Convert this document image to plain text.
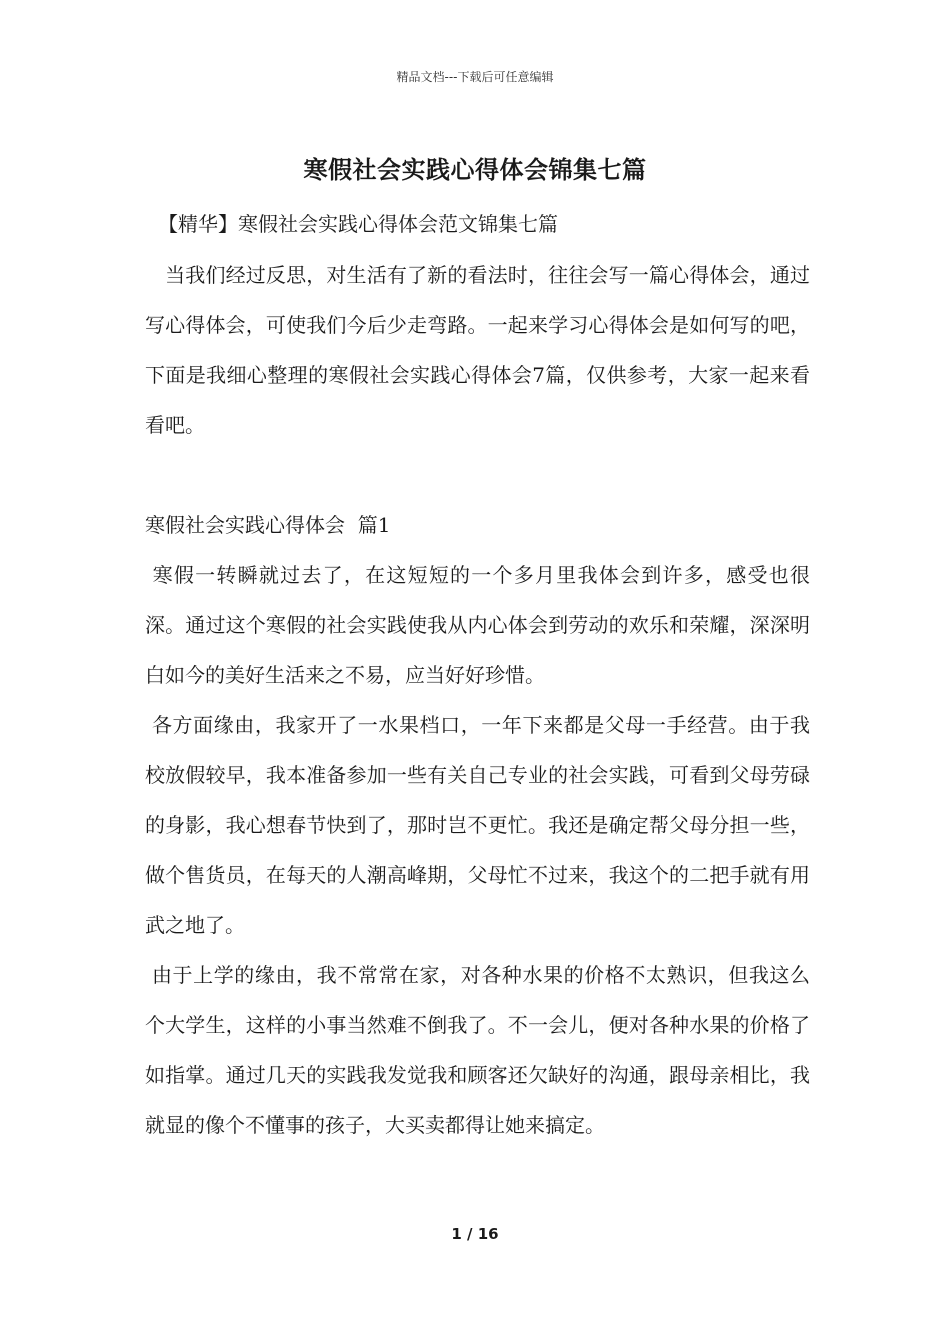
精品文档---下载后可任意编辑
寒假社会实践心得体会锦集七篇
【精华】寒假社会实践心得体会范文锦集七篇

　当我们经过反思，对生活有了新的看法时，往往会写一篇心得体会，通过写心得体会，可使我们今后少走弯路。一起来学习心得体会是如何写的吧，下面是我细心整理的寒假社会实践心得体会7篇，仅供参考，大家一起来看看吧。

寒假社会实践心得体会  篇1

寒假一转瞬就过去了，在这短短的一个多月里我体会到许多，感受也很深。通过这个寒假的社会实践使我从内心体会到劳动的欢乐和荣耀，深深明白如今的美好生活来之不易，应当好好珍惜。

各方面缘由，我家开了一水果档口，一年下来都是父母一手经营。由于我校放假较早，我本准备参加一些有关自己专业的社会实践，可看到父母劳碌的身影，我心想春节快到了，那时岂不更忙。我还是确定帮父母分担一些，做个售货员，在每天的人潮高峰期，父母忙不过来，我这个的二把手就有用武之地了。

由于上学的缘由，我不常常在家，对各种水果的价格不太熟识，但我这么个大学生，这样的小事当然难不倒我了。不一会儿，便对各种水果的价格了如指掌。通过几天的实践我发觉我和顾客还欠缺好的沟通，跟母亲相比，我就显的像个不懂事的孩子，大买卖都得让她来搞定。

1 / 16
